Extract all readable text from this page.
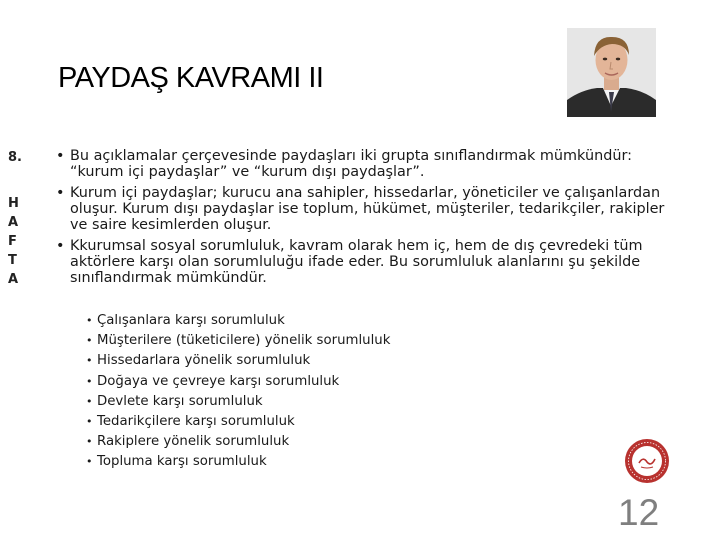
PAYDAŞ KAVRAMI II
8.
H
A
F
T
A
• Bu açıklamalar çerçevesinde paydaşları iki grupta sınıflandırmak mümkündür: “kurum içi paydaşlar” ve “kurum dışı paydaşlar”.
• Kurum içi paydaşlar; kurucu ana sahipler, hissedarlar, yöneticiler ve çalışanlardan oluşur. Kurum dışı paydaşlar ise toplum, hükümet, müşteriler, tedarikçiler, rakipler ve saire kesimlerden oluşur.
• Kkurumsal sosyal sorumluluk, kavram olarak hem iç, hem de dış çevredeki tüm aktörlere karşı olan sorumluluğu ifade eder. Bu sorumluluk alanlarını şu şekilde sınıflandırmak mümkündür.
• Çalışanlara karşı sorumluluk
• Müşterilere (tüketicilere) yönelik sorumluluk
• Hissedarlara yönelik sorumluluk
• Doğaya ve çevreye karşı sorumluluk
• Devlete karşı sorumluluk
• Tedarikçilere karşı sorumluluk
• Rakiplere yönelik sorumluluk
• Topluma karşı sorumluluk
12
